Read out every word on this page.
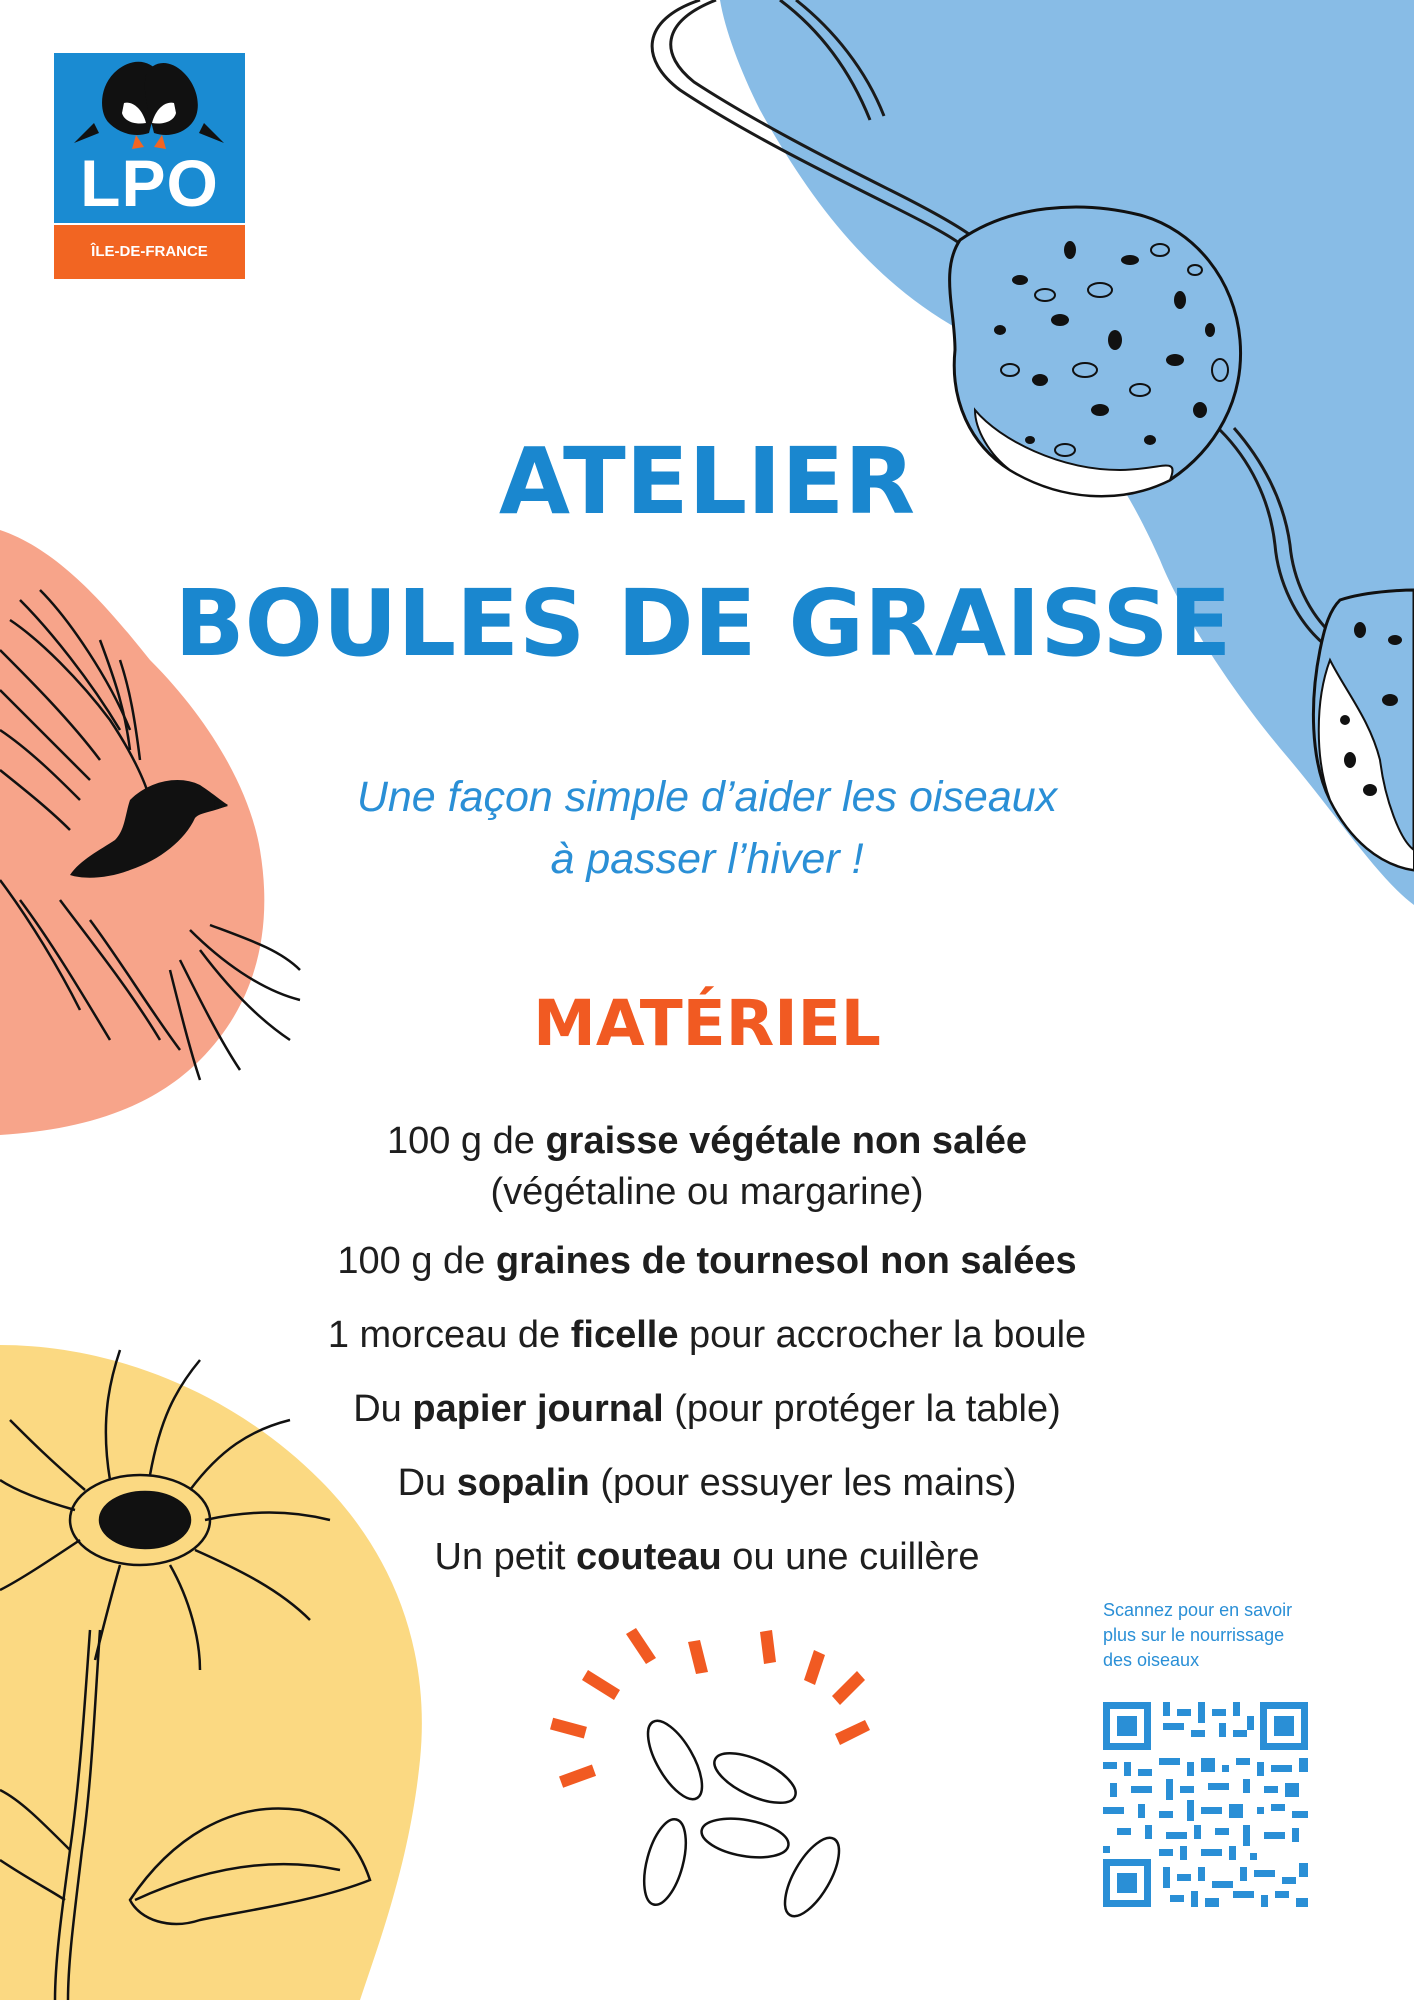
LPO
ÎLE-DE-FRANCE
ATELIER
BOULES DE GRAISSE
Une façon simple d’aider les oiseaux
à passer l’hiver !
MATÉRIEL

100 g de graisse végétale non salée

(végétaline ou margarine)

100 g de graines de tournesol non salées

1 morceau de ficelle pour accrocher la boule

Du papier journal (pour protéger la table)

Du sopalin (pour essuyer les mains)

Un petit couteau ou une cuillère

Scannez pour en savoir
plus sur le nourrissage
des oiseaux
